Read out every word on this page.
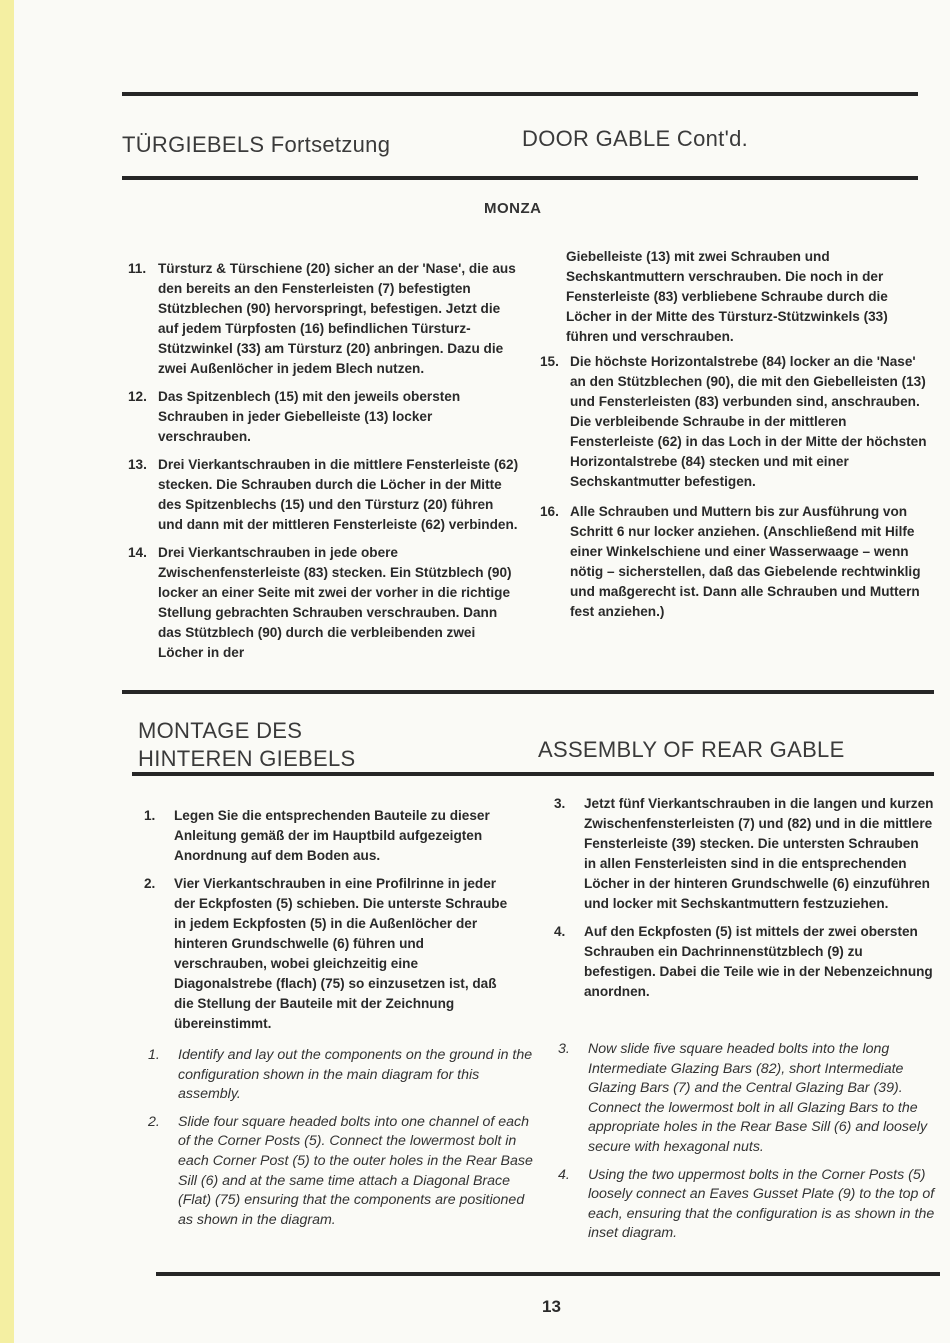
TÜRGIEBELS Fortsetzung	DOOR GABLE Cont'd.
MONZA
11. Türsturz & Türschiene (20) sicher an der 'Nase', die aus den bereits an den Fensterleisten (7) befestigten Stützblechen (90) hervorspringt, befestigen. Jetzt die auf jedem Türpfosten (16) befindlichen Türsturz-Stützwinkel (33) am Türsturz (20) anbringen. Dazu die zwei Außenlöcher in jedem Blech nutzen.
12. Das Spitzenblech (15) mit den jeweils obersten Schrauben in jeder Giebelleiste (13) locker verschrauben.
13. Drei Vierkantschrauben in die mittlere Fensterleiste (62) stecken. Die Schrauben durch die Löcher in der Mitte des Spitzenblechs (15) und den Türsturz (20) führen und dann mit der mittleren Fensterleiste (62) verbinden.
14. Drei Vierkantschrauben in jede obere Zwischenfensterleiste (83) stecken. Ein Stützblech (90) locker an einer Seite mit zwei der vorher in die richtige Stellung gebrachten Schrauben verschrauben. Dann das Stützblech (90) durch die verbleibenden zwei Löcher in der
Giebelleiste (13) mit zwei Schrauben und Sechskantmuttern verschrauben. Die noch in der Fensterleiste (83) verbliebene Schraube durch die Löcher in der Mitte des Türsturz-Stützwinkels (33) führen und verschrauben.
15. Die höchste Horizontalstrebe (84) locker an die 'Nase' an den Stützblechen (90), die mit den Giebelleisten (13) und Fensterleisten (83) verbunden sind, anschrauben. Die verbleibende Schraube in der mittleren Fensterleiste (62) in das Loch in der Mitte der höchsten Horizontalstrebe (84) stecken und mit einer Sechskantmutter befestigen.
16. Alle Schrauben und Muttern bis zur Ausführung von Schritt 6 nur locker anziehen. (Anschließend mit Hilfe einer Winkelschiene und einer Wasserwaage – wenn nötig – sicherstellen, daß das Giebelende rechtwinklig und maßgerecht ist. Dann alle Schrauben und Muttern fest anziehen.)
MONTAGE DES
HINTEREN GIEBELS	ASSEMBLY OF REAR GABLE
1. Legen Sie die entsprechenden Bauteile zu dieser Anleitung gemäß der im Hauptbild aufgezeigten Anordnung auf dem Boden aus.
2. Vier Vierkantschrauben in eine Profilrinne in jeder der Eckpfosten (5) schieben. Die unterste Schraube in jedem Eckpfosten (5) in die Außenlöcher der hinteren Grundschwelle (6) führen und verschrauben, wobei gleichzeitig eine Diagonalstrebe (flach) (75) so einzusetzen ist, daß die Stellung der Bauteile mit der Zeichnung übereinstimmt.
3. Jetzt fünf Vierkantschrauben in die langen und kurzen Zwischenfensterleisten (7) und (82) und in die mittlere Fensterleiste (39) stecken. Die untersten Schrauben in allen Fensterleisten sind in die entsprechenden Löcher in der hinteren Grundschwelle (6) einzuführen und locker mit Sechskantmuttern festzuziehen.
4. Auf den Eckpfosten (5) ist mittels der zwei obersten Schrauben ein Dachrinnenstützblech (9) zu befestigen. Dabei die Teile wie in der Nebenzeichnung anordnen.
1. Identify and lay out the components on the ground in the configuration shown in the main diagram for this assembly.
2. Slide four square headed bolts into one channel of each of the Corner Posts (5). Connect the lowermost bolt in each Corner Post (5) to the outer holes in the Rear Base Sill (6) and at the same time attach a Diagonal Brace (Flat) (75) ensuring that the components are positioned as shown in the diagram.
3. Now slide five square headed bolts into the long Intermediate Glazing Bars (82), short Intermediate Glazing Bars (7) and the Central Glazing Bar (39). Connect the lowermost bolt in all Glazing Bars to the appropriate holes in the Rear Base Sill (6) and loosely secure with hexagonal nuts.
4. Using the two uppermost bolts in the Corner Posts (5) loosely connect an Eaves Gusset Plate (9) to the top of each, ensuring that the configuration is as shown in the inset diagram.
13
